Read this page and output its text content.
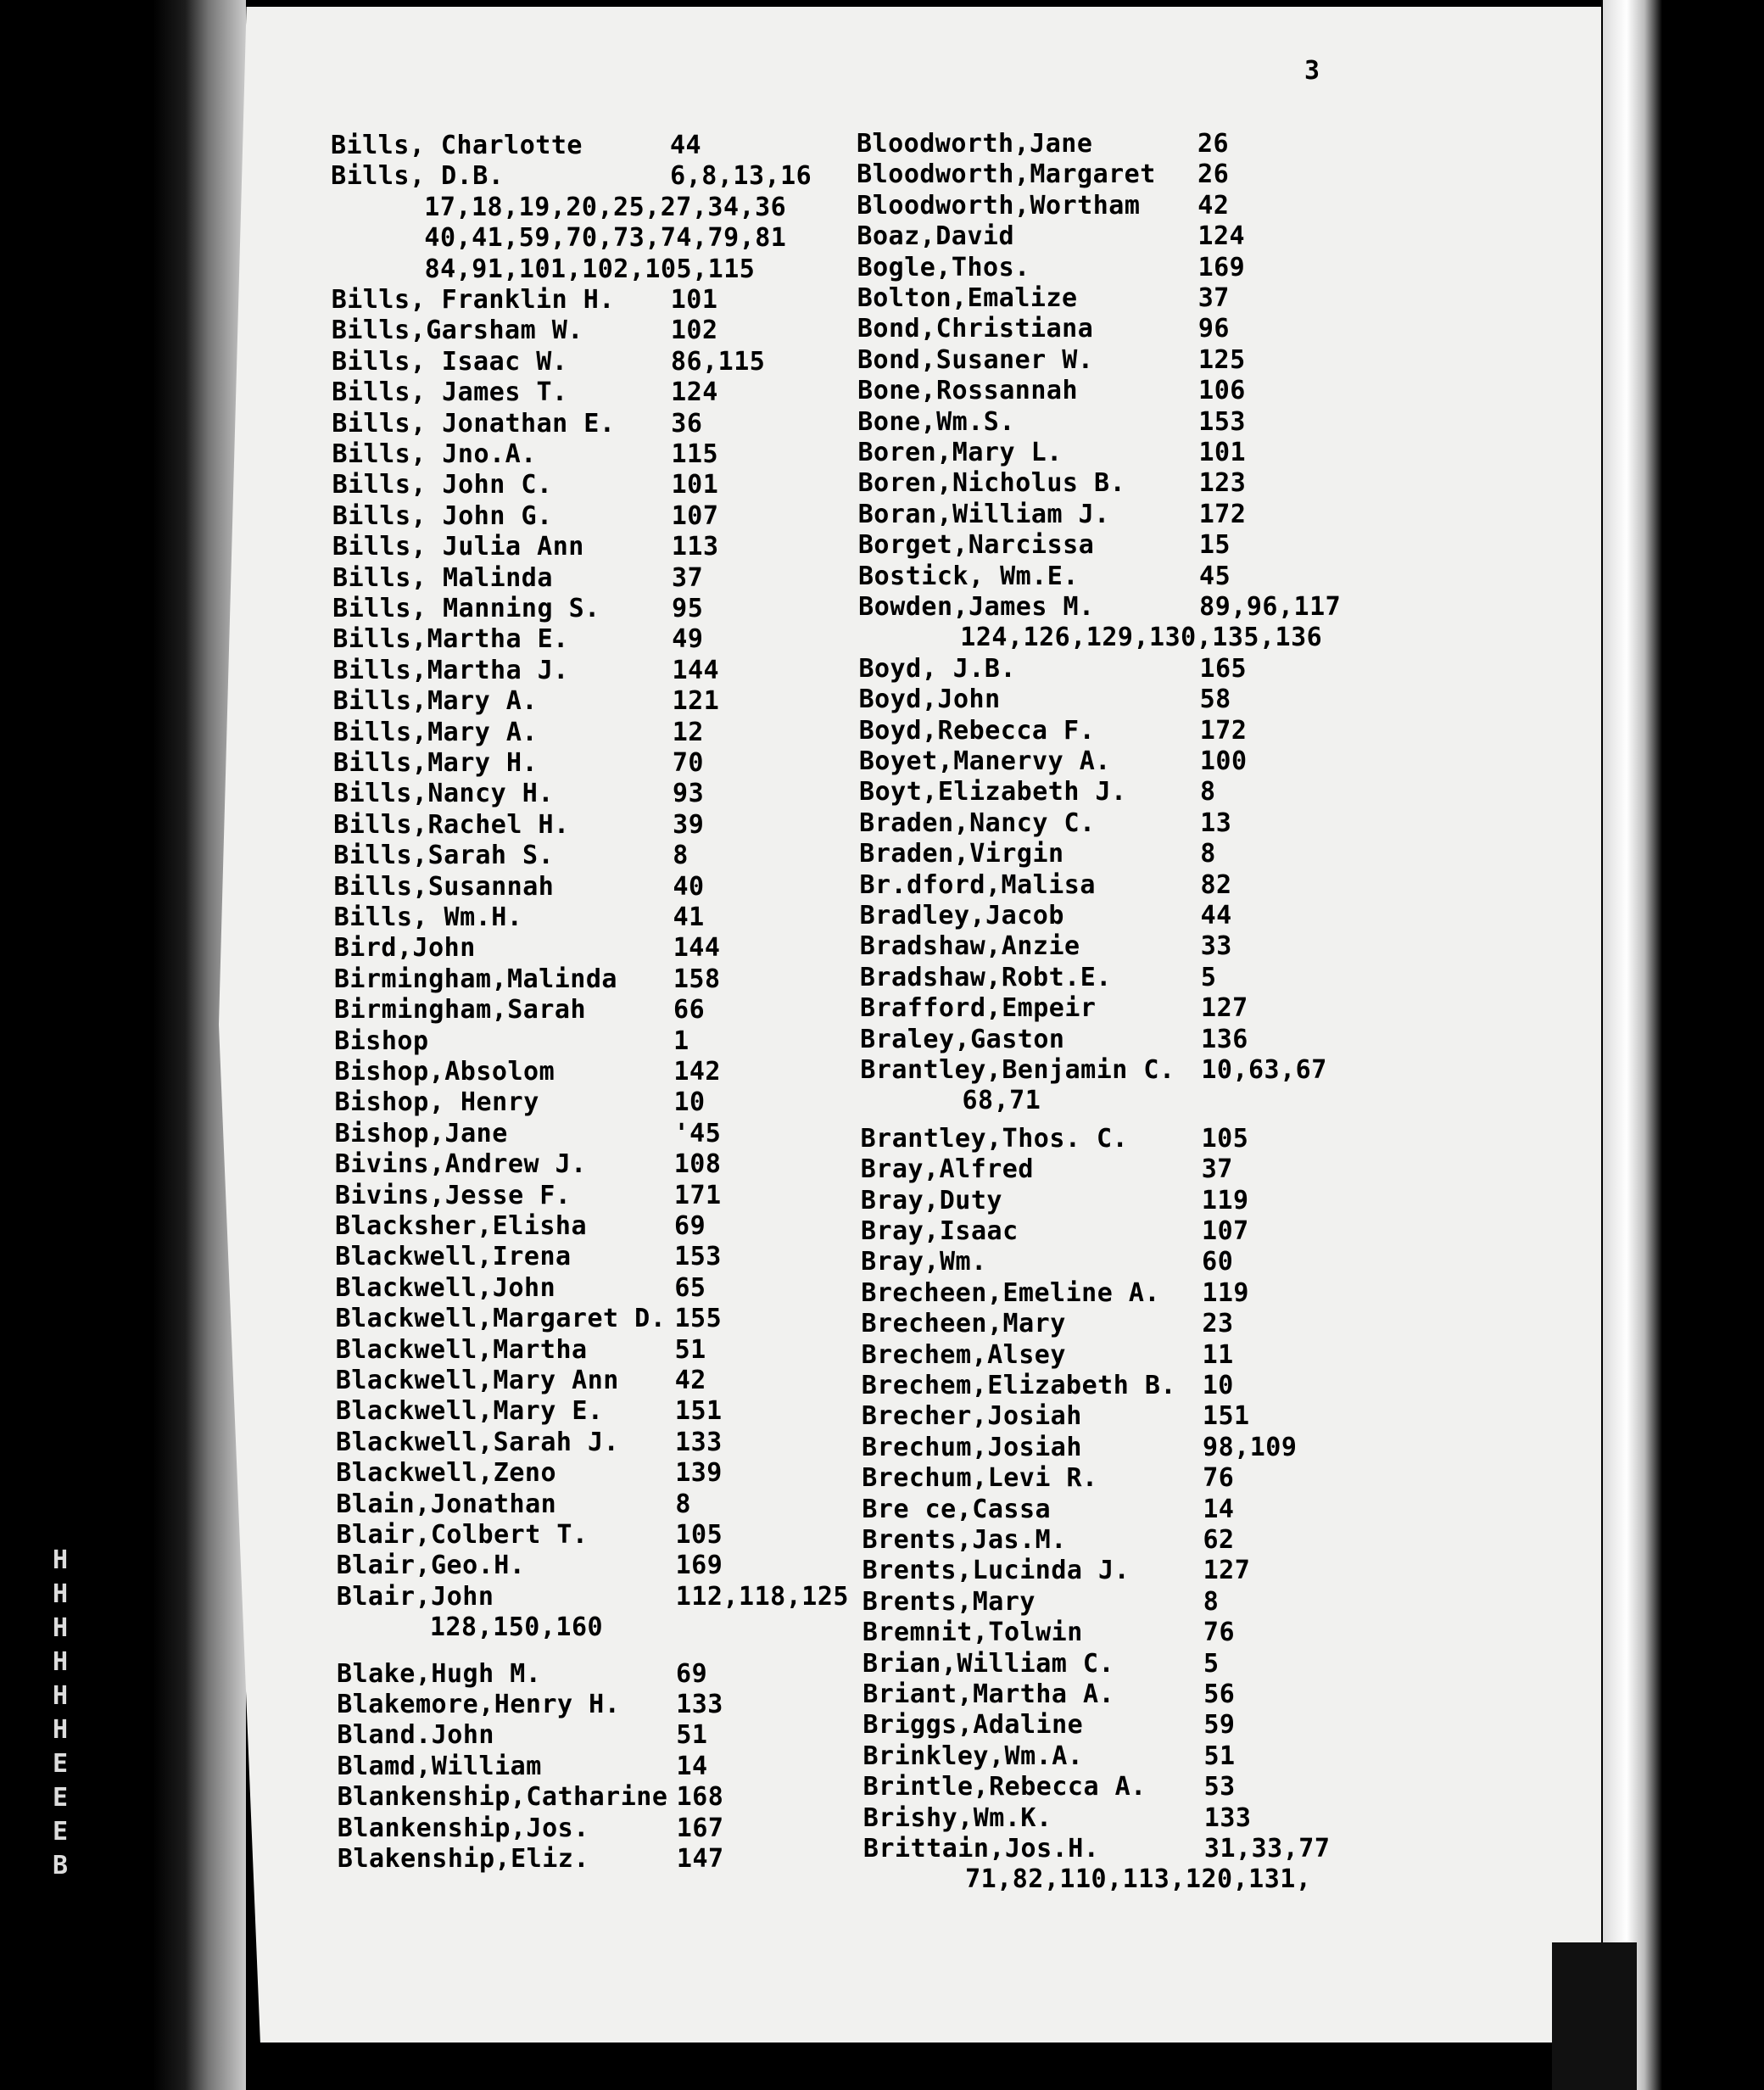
H
H
H
H
H
H
E
E
E
B
3
Bills, Charlotte	44
Bills, D.B.	6,8,13,16
17,18,19,20,25,27,34,36
40,41,59,70,73,74,79,81
84,91,101,102,105,115
Bills, Franklin H. 101
Bills,Garsham W.	102
Bills, Isaac W.	86,115
Bills, James T.	124
Bills, Jonathan E. 36
Bills, Jno.A.	115
Bills, John C.	101
Bills, John G.	107
Bills, Julia Ann	113
Bills, Malinda	37
Bills, Manning S.	95
Bills,Martha E.	49
Bills,Martha J.	144
Bills,Mary A.	121
Bills,Mary A.	12
Bills,Mary H.	70
Bills,Nancy H.	93
Bills,Rachel H.	39
Bills,Sarah S.	8
Bills,Susannah	40
Bills, Wm.H.	41
Bird,John	144
Birmingham,Malinda 158
Birmingham,Sarah	66
Bishop	1
Bishop,Absolom	142
Bishop, Henry	10
Bishop,Jane	'45
Bivins,Andrew J.	108
Bivins,Jesse F.	171
Blacksher,Elisha	69
Blackwell,Irena	153
Blackwell,John	65
Blackwell,Margaret D. 155
Blackwell,Martha	51
Blackwell,Mary Ann 42
Blackwell,Mary E.	151
Blackwell,Sarah J. 133
Blackwell,Zeno	139
Blain,Jonathan	8
Blair,Colbert T.	105
Blair,Geo.H.	169
Blair,John	112,118,125
128,150,160
Blake,Hugh M.	69
Blakemore,Henry H. 133
Bland.John	51
Blamd,William	14
Blankenship,Catharine 168
Blankenship,Jos.	167
Blakenship,Eliz.	147
Bloodworth,Jane	26
Bloodworth,Margaret 26
Bloodworth,Wortham 42
Boaz,David	124
Bogle,Thos.	169
Bolton,Emalize	37
Bond,Christiana	96
Bond,Susaner W.	125
Bone,Rossannah	106
Bone,Wm.S.	153
Boren,Mary L.	101
Boren,Nicholus B.	123
Boran,William J.	172
Borget,Narcissa	15
Bostick, Wm.E.	45
Bowden,James M.	89,96,117
124,126,129,130,135,136
Boyd, J.B.	165
Boyd,John	58
Boyd,Rebecca F.	172
Boyet,Manervy A.	100
Boyt,Elizabeth J.	8
Braden,Nancy C.	13
Braden,Virgin	8
Br.dford,Malisa	82
Bradley,Jacob	44
Bradshaw,Anzie	33
Bradshaw,Robt.E.	5
Brafford,Empeir	127
Braley,Gaston	136
Brantley,Benjamin C. 10,63,67
68,71
Brantley,Thos. C.	105
Bray,Alfred	37
Bray,Duty	119
Bray,Isaac	107
Bray,Wm.	60
Brecheen,Emeline A. 119
Brecheen,Mary	23
Brechem,Alsey	11
Brechem,Elizabeth B. 10
Brecher,Josiah	151
Brechum,Josiah	98,109
Brechum,Levi R.	76
Bre ce,Cassa	14
Brents,Jas.M.	62
Brents,Lucinda J.	127
Brents,Mary	8
Bremnit,Tolwin	76
Brian,William C.	5
Briant,Martha A.	56
Briggs,Adaline	59
Brinkley,Wm.A.	51
Brintle,Rebecca A. 53
Brishy,Wm.K.	133
Brittain,Jos.H.	31,33,77
71,82,110,113,120,131,
